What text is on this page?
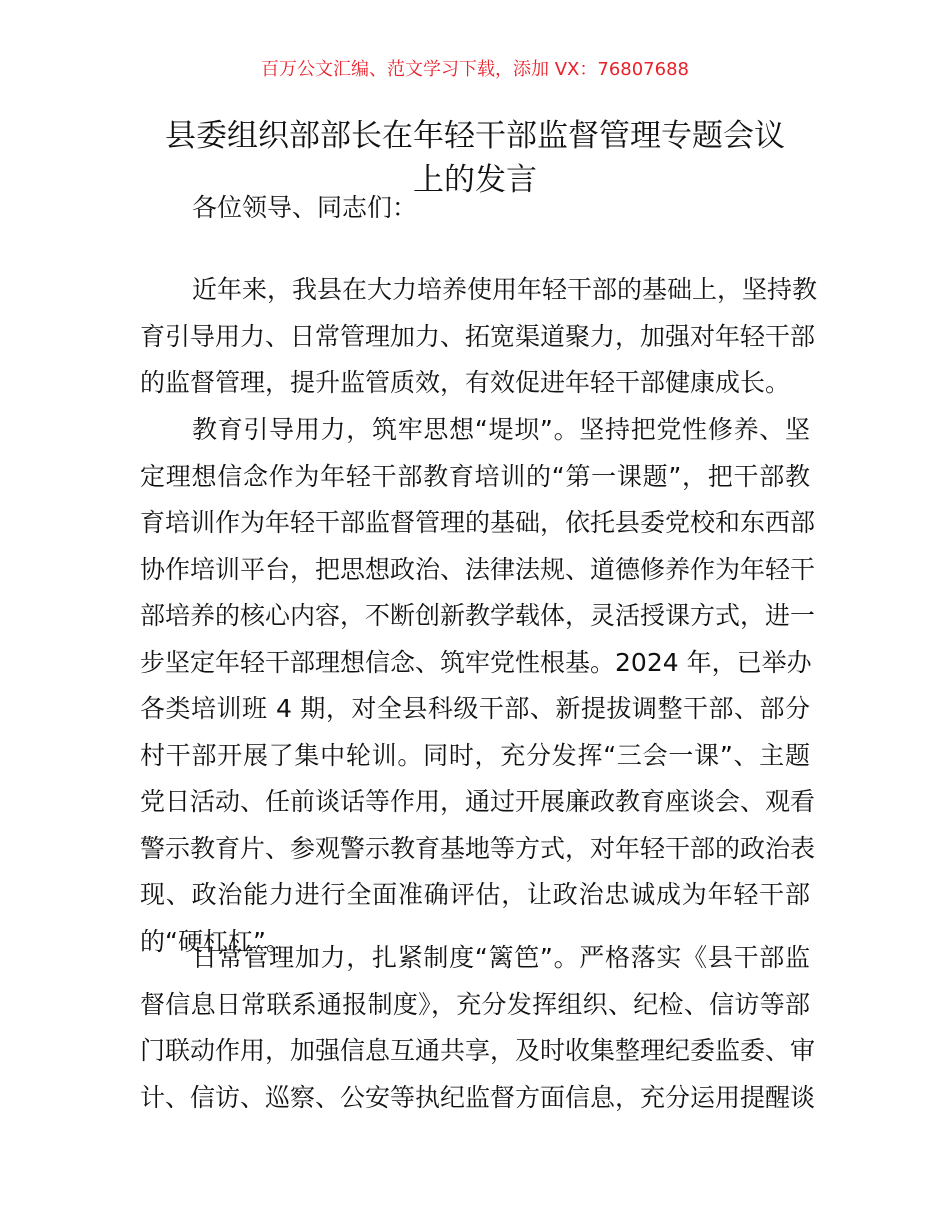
百万公文汇编、范文学习下载，添加 VX：76807688
县委组织部部长在年轻干部监督管理专题会议
上的发言
各位领导、同志们：
近年来，我县在大力培养使用年轻干部的基础上，坚持教
育引导用力、日常管理加力、拓宽渠道聚力，加强对年轻干部
的监督管理，提升监管质效，有效促进年轻干部健康成长。
教育引导用力，筑牢思想“堤坝”。坚持把党性修养、坚
定理想信念作为年轻干部教育培训的“第一课题”，把干部教
育培训作为年轻干部监督管理的基础，依托县委党校和东西部
协作培训平台，把思想政治、法律法规、道德修养作为年轻干
部培养的核心内容，不断创新教学载体，灵活授课方式，进一
步坚定年轻干部理想信念、筑牢党性根基。2024 年，已举办
各类培训班 4 期，对全县科级干部、新提拔调整干部、部分
村干部开展了集中轮训。同时，充分发挥“三会一课”、主题
党日活动、任前谈话等作用，通过开展廉政教育座谈会、观看
警示教育片、参观警示教育基地等方式，对年轻干部的政治表
现、政治能力进行全面准确评估，让政治忠诚成为年轻干部
的“硬杠杠”。
日常管理加力，扎紧制度“篱笆”。严格落实《县干部监
督信息日常联系通报制度》，充分发挥组织、纪检、信访等部
门联动作用，加强信息互通共享，及时收集整理纪委监委、审
计、信访、巡察、公安等执纪监督方面信息，充分运用提醒谈
